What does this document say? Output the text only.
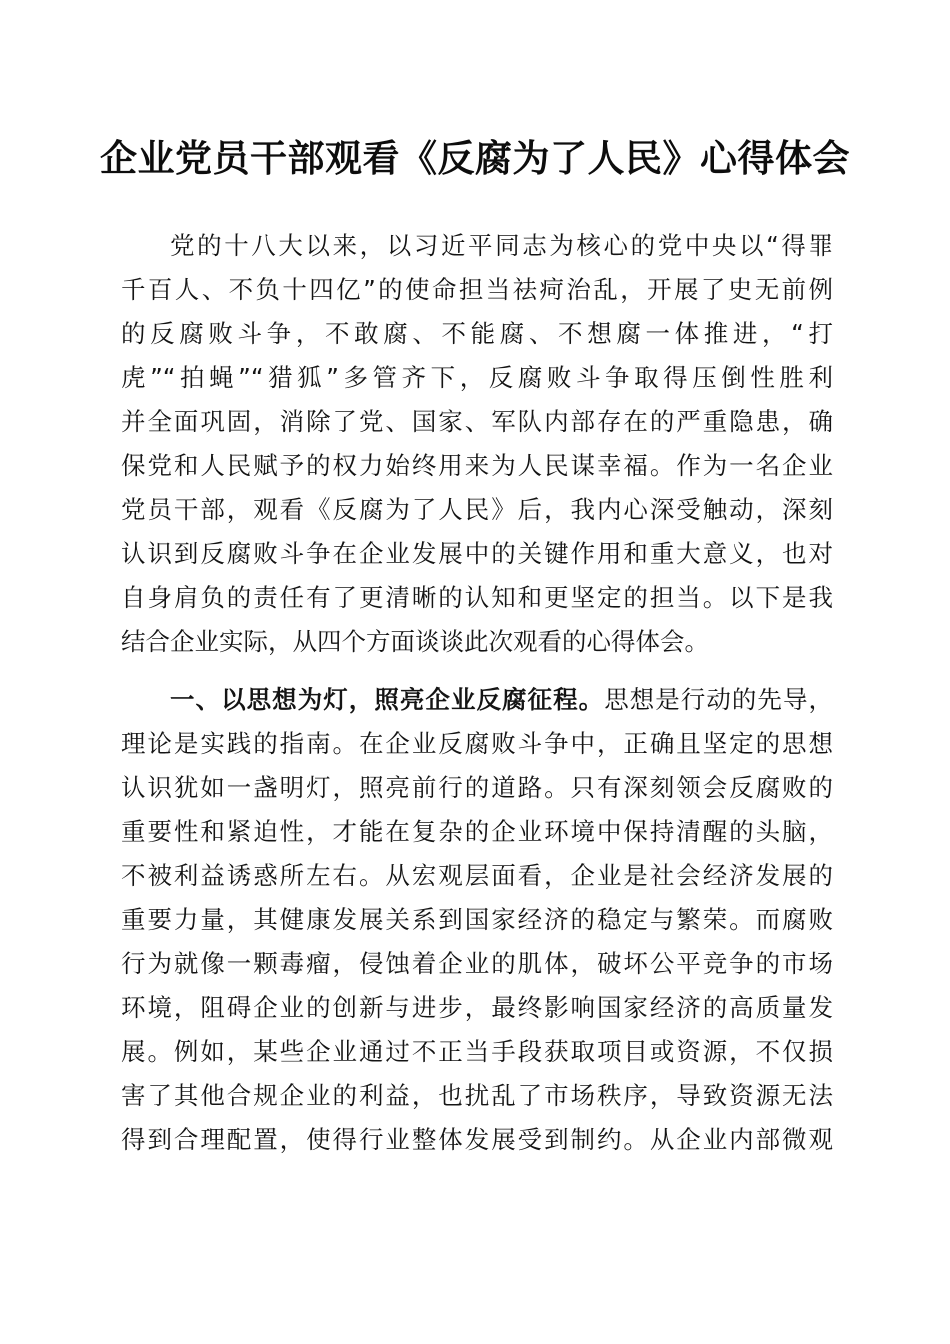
企业党员干部观看《反腐为了人民》心得体会
党的十八大以来，以习近平同志为核心的党中央以“得罪
千百人、不负十四亿”的使命担当祛疴治乱，开展了史无前例
的反腐败斗争，不敢腐、不能腐、不想腐一体推进，“打
虎”“拍蝇”“猎狐”多管齐下，反腐败斗争取得压倒性胜利
并全面巩固，消除了党、国家、军队内部存在的严重隐患，确
保党和人民赋予的权力始终用来为人民谋幸福。作为一名企业
党员干部，观看《反腐为了人民》后，我内心深受触动，深刻
认识到反腐败斗争在企业发展中的关键作用和重大意义，也对
自身肩负的责任有了更清晰的认知和更坚定的担当。以下是我
结合企业实际，从四个方面谈谈此次观看的心得体会。
一、以思想为灯，照亮企业反腐征程。思想是行动的先导，
理论是实践的指南。在企业反腐败斗争中，正确且坚定的思想
认识犹如一盏明灯，照亮前行的道路。只有深刻领会反腐败的
重要性和紧迫性，才能在复杂的企业环境中保持清醒的头脑，
不被利益诱惑所左右。从宏观层面看，企业是社会经济发展的
重要力量，其健康发展关系到国家经济的稳定与繁荣。而腐败
行为就像一颗毒瘤，侵蚀着企业的肌体，破坏公平竞争的市场
环境，阻碍企业的创新与进步，最终影响国家经济的高质量发
展。例如，某些企业通过不正当手段获取项目或资源，不仅损
害了其他合规企业的利益，也扰乱了市场秩序，导致资源无法
得到合理配置，使得行业整体发展受到制约。从企业内部微观
